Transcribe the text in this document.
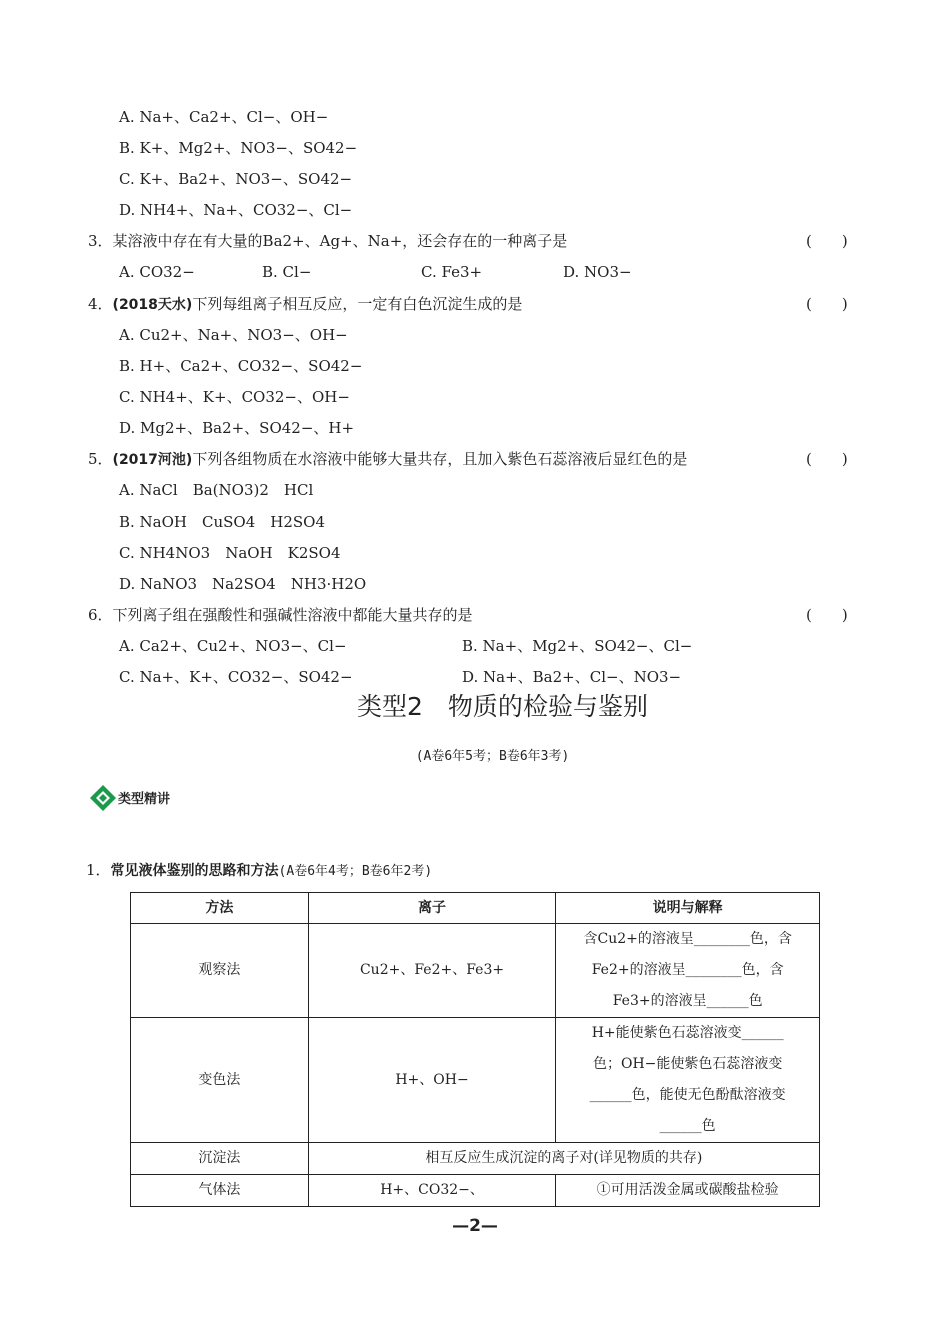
A. Na+、Ca2+、Cl−、OH−
B. K+、Mg2+、NO3−、SO42−
C. K+、Ba2+、NO3−、SO42−
D. NH4+、Na+、CO32−、Cl−
3．某溶液中存在有大量的Ba2+、Ag+、Na+，还会存在的一种离子是	(　　)
A. CO32−	B. Cl−	C. Fe3+	D. NO3−
4．(2018天水)下列每组离子相互反应，一定有白色沉淀生成的是	(　　)
A. Cu2+、Na+、NO3−、OH−
B. H+、Ca2+、CO32−、SO42−
C. NH4+、K+、CO32−、OH−
D. Mg2+、Ba2+、SO42−、H+
5．(2017河池)下列各组物质在水溶液中能够大量共存，且加入紫色石蕊溶液后显红色的是	(　　)
A. NaCl　Ba(NO3)2　HCl
B. NaOH　CuSO4　H2SO4
C. NH4NO3　NaOH　K2SO4
D. NaNO3　Na2SO4　NH3·H2O
6．下列离子组在强酸性和强碱性溶液中都能大量共存的是	(　　)
A. Ca2+、Cu2+、NO3−、Cl−	B. Na+、Mg2+、SO42−、Cl−
C. Na+、K+、CO32−、SO42−	D. Na+、Ba2+、Cl−、NO3−
类型2　物质的检验与鉴别
(A卷6年5考；B卷6年3考)
类型精讲
1．常见液体鉴别的思路和方法(A卷6年4考；B卷6年2考)
方法	离子	说明与解释
观察法	Cu2+、Fe2+、Fe3+	含Cu2+的溶液呈________色，含
Fe2+的溶液呈________色，含
Fe3+的溶液呈______色

变色法	H+、OH−	H+能使紫色石蕊溶液变______
色；OH−能使紫色石蕊溶液变
______色，能使无色酚酞溶液变
______色

沉淀法	相互反应生成沉淀的离子对(详见物质的共存)	
气体法	H+、CO32−、	①可用活泼金属或碳酸盐检验
—2—
